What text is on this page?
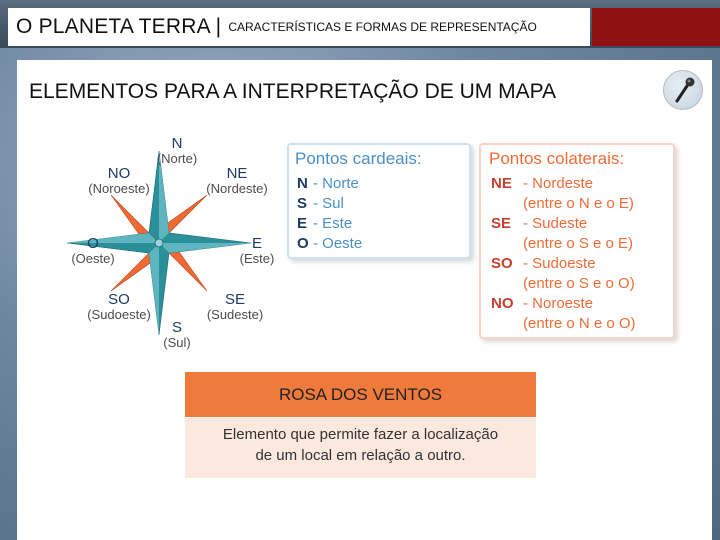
O PLANETA TERRA | CARACTERÍSTICAS E FORMAS DE REPRESENTAÇÃO
ELEMENTOS PARA A INTERPRETAÇÃO DE UM MAPA
N
(Norte)
NO
(Noroeste)
NE
(Nordeste)
O
(Oeste)
E
(Este)
SO
(Sudoeste)
SE
(Sudeste)
S
(Sul)
Pontos cardeais:
N - Norte
S - Sul
E - Este
O - Oeste
Pontos colaterais:
NE - Nordeste
(entre o N e o E)
SE - Sudeste
(entre o S e o E)
SO - Sudoeste
(entre o S e o O)
NO - Noroeste
(entre o N e o O)
ROSA DOS VENTOS
Elemento que permite fazer a localização
de um local em relação a outro.
